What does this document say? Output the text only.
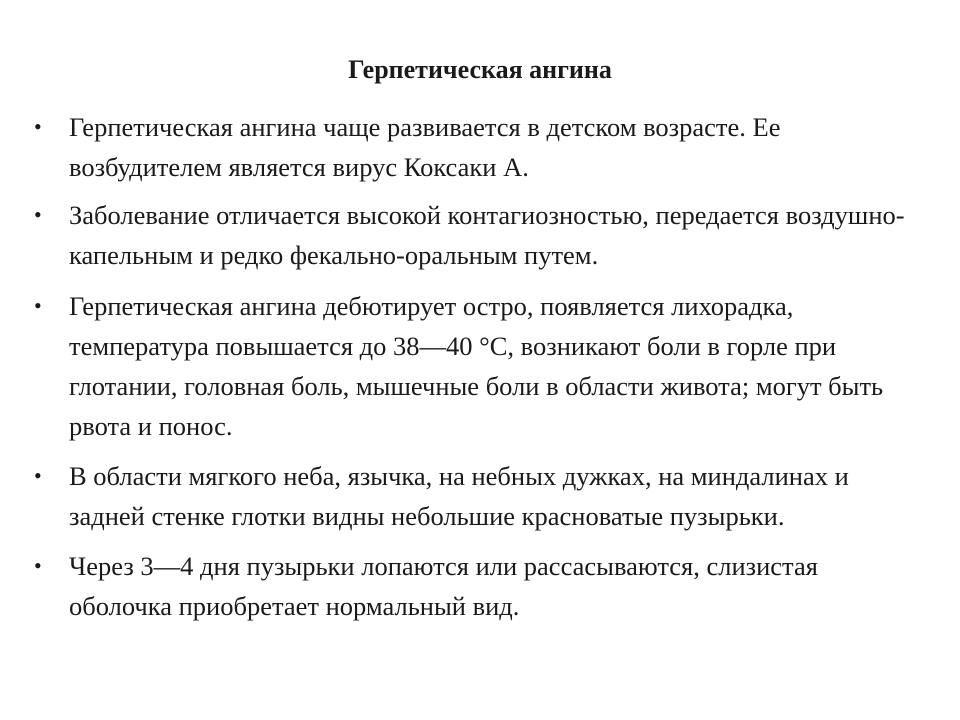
Герпетическая ангина
• Герпетическая ангина чаще развивается в детском возрасте. Ее возбудителем является вирус Коксаки А.
• Заболевание отличается высокой контагиозностью, передается воздушно-капельным и редко фекально-оральным путем.
• Герпетическая ангина дебютирует остро, появляется лихорадка, температура повышается до 38—40 °С, возникают боли в горле при глотании, головная боль, мышечные боли в области живота; могут быть рвота и понос.
• В области мягкого неба, язычка, на небных дужках, на миндалинах и задней стенке глотки видны небольшие красноватые пузырьки.
• Через 3—4 дня пузырьки лопаются или рассасываются, слизистая оболочка приобретает нормальный вид.
